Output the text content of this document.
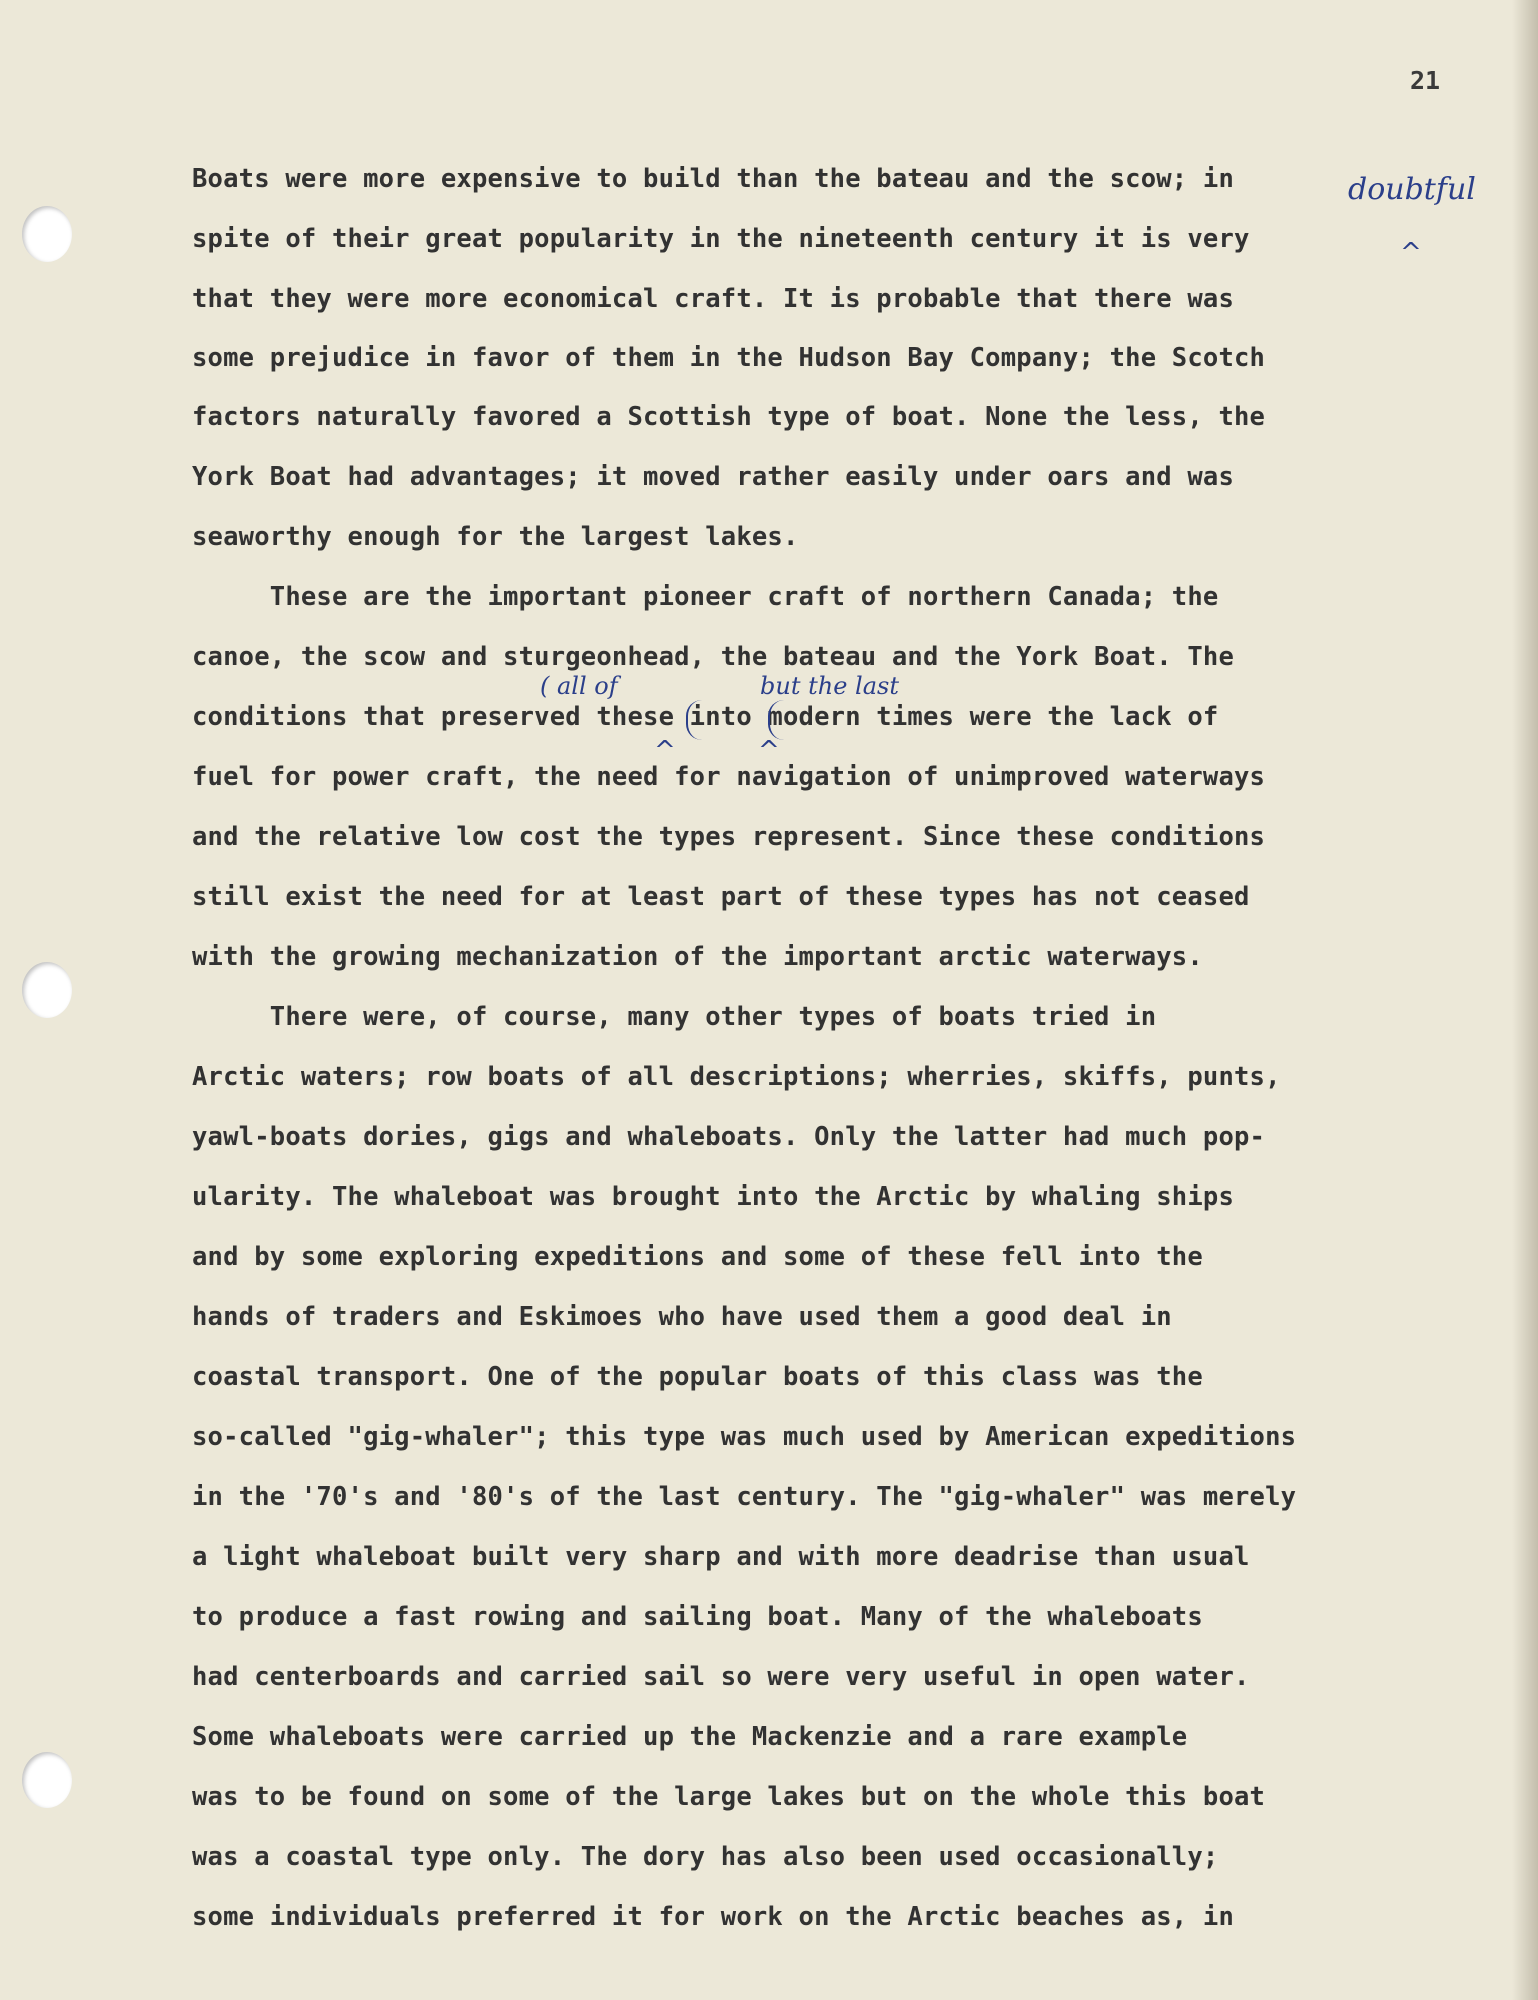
21
Boats were more expensive to build than the bateau and the scow; in
spite of their great popularity in the nineteenth century it is very
that they were more economical craft. It is probable that there was
some prejudice in favor of them in the Hudson Bay Company; the Scotch
factors naturally favored a Scottish type of boat. None the less, the
York Boat had advantages; it moved rather easily under oars and was
seaworthy enough for the largest lakes.
These are the important pioneer craft of northern Canada; the
canoe, the scow and sturgeonhead, the bateau and the York Boat. The
conditions that preserved these into modern times were the lack of
fuel for power craft, the need for navigation of unimproved waterways
and the relative low cost the types represent. Since these conditions
still exist the need for at least part of these types has not ceased
with the growing mechanization of the important arctic waterways.
There were, of course, many other types of boats tried in
Arctic waters; row boats of all descriptions; wherries, skiffs, punts,
yawl-boats dories, gigs and whaleboats. Only the latter had much pop-
ularity. The whaleboat was brought into the Arctic by whaling ships
and by some exploring expeditions and some of these fell into the
hands of traders and Eskimoes who have used them a good deal in
coastal transport. One of the popular boats of this class was the
so-called "gig-whaler"; this type was much used by American expeditions
in the '70's and '80's of the last century. The "gig-whaler" was merely
a light whaleboat built very sharp and with more deadrise than usual
to produce a fast rowing and sailing boat. Many of the whaleboats
had centerboards and carried sail so were very useful in open water.
Some whaleboats were carried up the Mackenzie and a rare example
was to be found on some of the large lakes but on the whole this boat
was a coastal type only. The dory has also been used occasionally;
some individuals preferred it for work on the Arctic beaches as, in
doubtful
^
( all of	but the last
^	^
